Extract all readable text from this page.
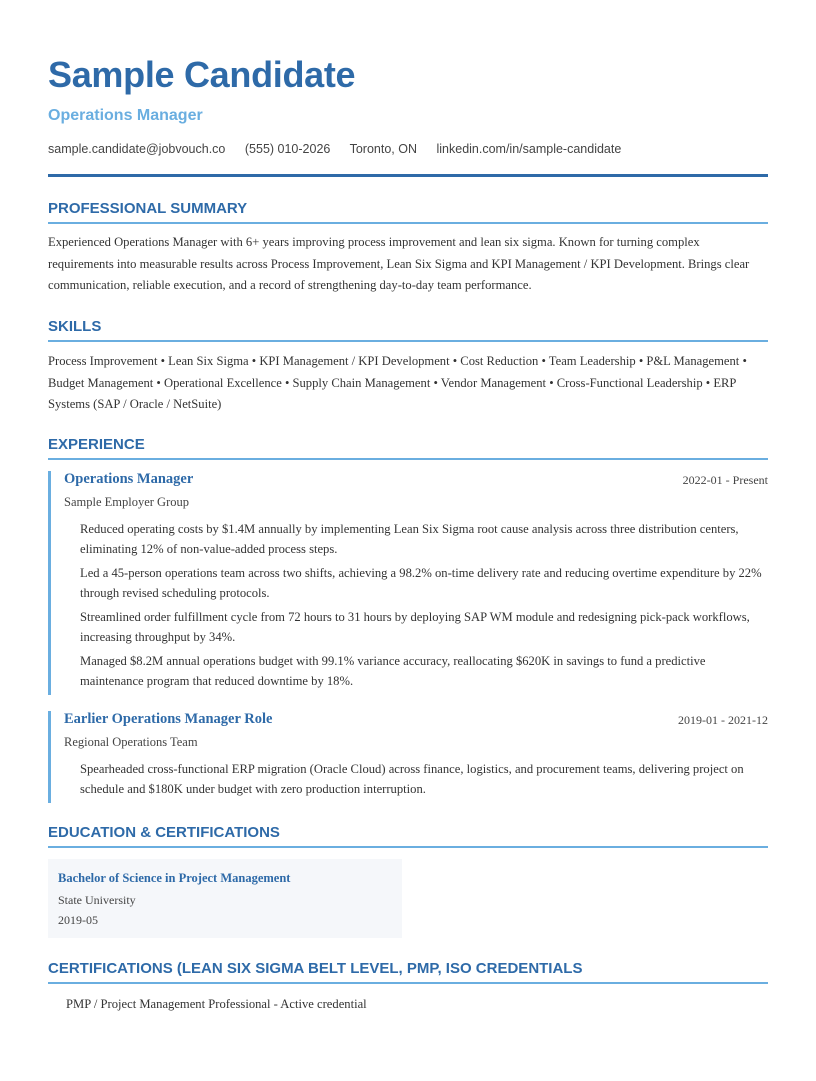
Sample Candidate
Operations Manager
sample.candidate@jobvouch.co (555) 010-2026 Toronto, ON linkedin.com/in/sample-candidate
PROFESSIONAL SUMMARY
Experienced Operations Manager with 6+ years improving process improvement and lean six sigma. Known for turning complex requirements into measurable results across Process Improvement, Lean Six Sigma and KPI Management / KPI Development. Brings clear communication, reliable execution, and a record of strengthening day-to-day team performance.
SKILLS
Process Improvement • Lean Six Sigma • KPI Management / KPI Development • Cost Reduction • Team Leadership • P&L Management • Budget Management • Operational Excellence • Supply Chain Management • Vendor Management • Cross-Functional Leadership • ERP Systems (SAP / Oracle / NetSuite)
EXPERIENCE
2022-01 - Present
Operations Manager
Sample Employer Group
Reduced operating costs by $1.4M annually by implementing Lean Six Sigma root cause analysis across three distribution centers, eliminating 12% of non-value-added process steps.
Led a 45-person operations team across two shifts, achieving a 98.2% on-time delivery rate and reducing overtime expenditure by 22% through revised scheduling protocols.
Streamlined order fulfillment cycle from 72 hours to 31 hours by deploying SAP WM module and redesigning pick-pack workflows, increasing throughput by 34%.
Managed $8.2M annual operations budget with 99.1% variance accuracy, reallocating $620K in savings to fund a predictive maintenance program that reduced downtime by 18%.
2019-01 - 2021-12
Earlier Operations Manager Role
Regional Operations Team
Spearheaded cross-functional ERP migration (Oracle Cloud) across finance, logistics, and procurement teams, delivering project on schedule and $180K under budget with zero production interruption.
EDUCATION & CERTIFICATIONS
Bachelor of Science in Project Management
State University
2019-05
CERTIFICATIONS (LEAN SIX SIGMA BELT LEVEL, PMP, ISO CREDENTIALS
PMP / Project Management Professional - Active credential
